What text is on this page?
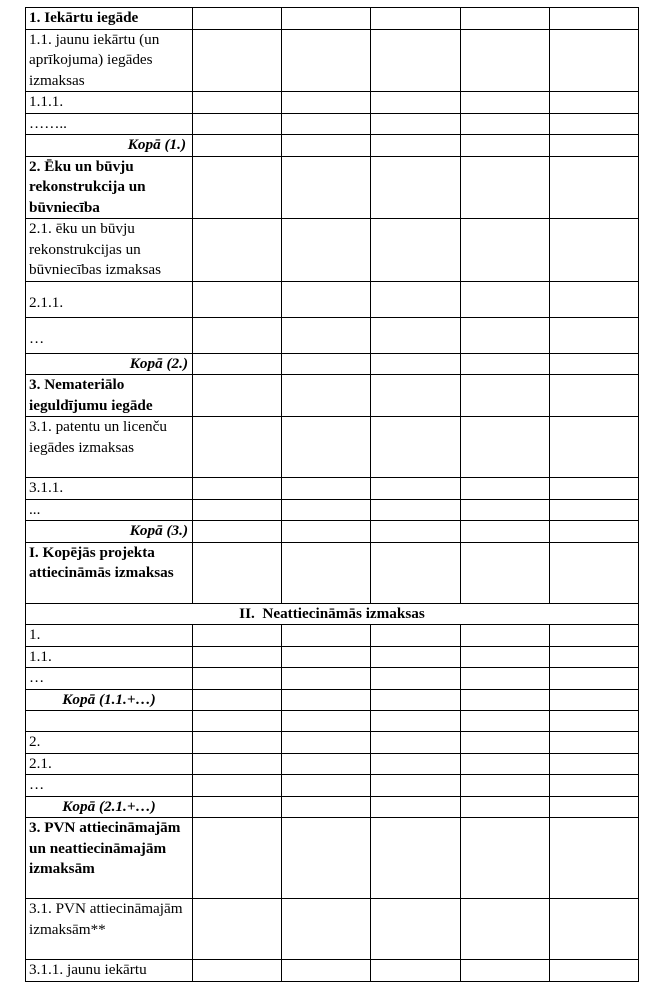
1. Iekārtu iegāde					
1.1. jaunu iekārtu (un aprīkojuma) iegādes izmaksas					
1.1.1.					
……..					
Kopā (1.)					
2. Ēku un būvju rekonstrukcija un būvniecība					
2.1. ēku un būvju rekonstrukcijas un būvniecības izmaksas					
2.1.1.					
…					
Kopā (2.)					
3. Nemateriālo ieguldījumu iegāde					
3.1. patentu un licenču iegādes izmaksas					
3.1.1.					
...					
Kopā (3.)					
I. Kopējās projekta attiecināmās izmaksas					
II.  Neattiecināmās izmaksas					
1.					
1.1.					
…					
Kopā (1.1.+…)					

2.					
2.1.					
…					
Kopā (2.1.+…)					
3. PVN attiecināmajām un neattiecināmajām izmaksām					
3.1. PVN attiecināmajām izmaksām**					
3.1.1. jaunu iekārtu					
